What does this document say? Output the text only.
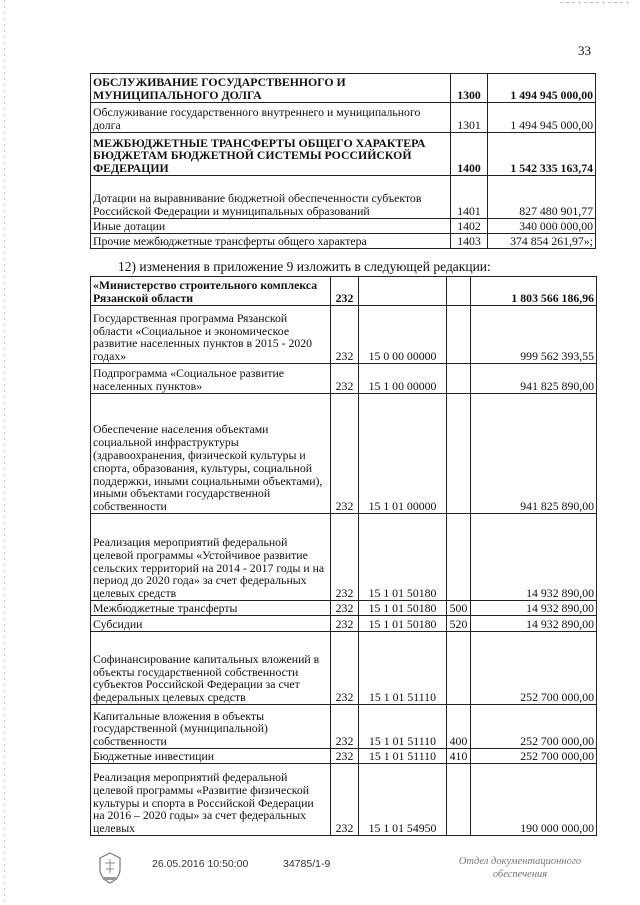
33
ОБСЛУЖИВАНИЕ ГОСУДАРСТВЕННОГО И МУНИЦИПАЛЬНОГО ДОЛГА	1300	1 494 945 000,00
Обслуживание государственного внутреннего и муниципального долга	1301	1 494 945 000,00
МЕЖБЮДЖЕТНЫЕ ТРАНСФЕРТЫ ОБЩЕГО ХАРАКТЕРА БЮДЖЕТАМ БЮДЖЕТНОЙ СИСТЕМЫ РОССИЙСКОЙ ФЕДЕРАЦИИ	1400	1 542 335 163,74
Дотации на выравнивание бюджетной обеспеченности субъектов Российской Федерации и муниципальных образований	1401	827 480 901,77
Иные дотации	1402	340 000 000,00
Прочие межбюджетные трансферты общего характера	1403	374 854 261,97»;
12) изменения в приложение 9 изложить в следующей редакции:
«Министерство строительного комплекса Рязанской области	232			1 803 566 186,96
Государственная программа Рязанской области «Социальное и экономическое развитие населенных пунктов в 2015 - 2020 годах»	232	15 0 00 00000		999 562 393,55
Подпрограмма «Социальное развитие населенных пунктов»	232	15 1 00 00000		941 825 890,00
Обеспечение населения объектами социальной инфраструктуры (здравоохранения, физической культуры и спорта, образования, культуры, социальной поддержки, иными социальными объектами), иными объектами государственной собственности	232	15 1 01 00000		941 825 890,00
Реализация мероприятий федеральной целевой программы «Устойчивое развитие сельских территорий на 2014 - 2017 годы и на период до 2020 года» за счет федеральных целевых средств	232	15 1 01 50180		14 932 890,00
Межбюджетные трансферты	232	15 1 01 50180	500	14 932 890,00
Субсидии	232	15 1 01 50180	520	14 932 890,00
Софинансирование капитальных вложений в объекты государственной собственности субъектов Российской Федерации за счет федеральных целевых средств	232	15 1 01 51110		252 700 000,00
Капитальные вложения в объекты государственной (муниципальной) собственности	232	15 1 01 51110	400	252 700 000,00
Бюджетные инвестиции	232	15 1 01 51110	410	252 700 000,00
Реализация мероприятий федеральной целевой программы «Развитие физической культуры и спорта в Российской Федерации на 2016 – 2020 годы» за счет федеральных целевых	232	15 1 01 54950		190 000 000,00
26.05.2016 10:50:00	34785/1-9	Отдел документационного
обеспечения
